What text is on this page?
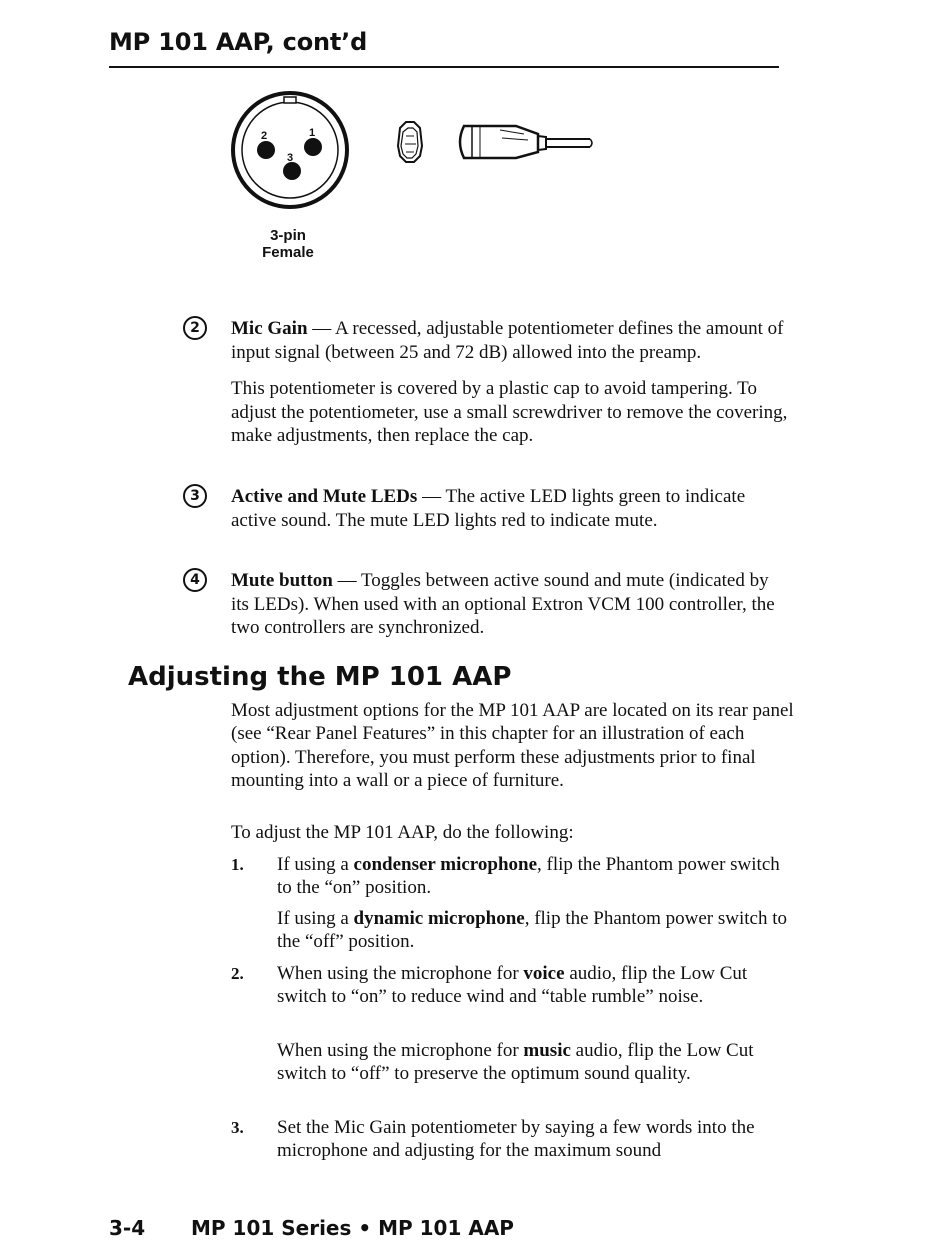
MP 101 AAP, cont’d
2	1
3
3-pin
Female
2	Mic Gain — A recessed, adjustable potentiometer defines the amount of input signal (between 25 and 72 dB) allowed into the preamp.

This potentiometer is covered by a plastic cap to avoid tampering. To adjust the potentiometer, use a small screwdriver to remove the covering, make adjustments, then replace the cap.

3	Active and Mute LEDs — The active LED lights green to indicate active sound. The mute LED lights red to indicate mute.

4	Mute button — Toggles between active sound and mute (indicated by its LEDs). When used with an optional Extron VCM 100 controller, the two controllers are synchronized.

Adjusting the MP 101 AAP

Most adjustment options for the MP 101 AAP are located on its rear panel (see “Rear Panel Features” in this chapter for an illustration of each option). Therefore, you must perform these adjustments prior to final mounting into a wall or a piece of furniture.

To adjust the MP 101 AAP, do the following:

1. If using a condenser microphone, flip the Phantom power switch to the “on” position.

If using a dynamic microphone, flip the Phantom power switch to the “off” position.

2. When using the microphone for voice audio, flip the Low Cut switch to “on” to reduce wind and “table rumble” noise.

When using the microphone for music audio, flip the Low Cut switch to “off” to preserve the optimum sound quality.

3. Set the Mic Gain potentiometer by saying a few words into the microphone and adjusting for the maximum sound

3-4 MP 101 Series • MP 101 AAP
